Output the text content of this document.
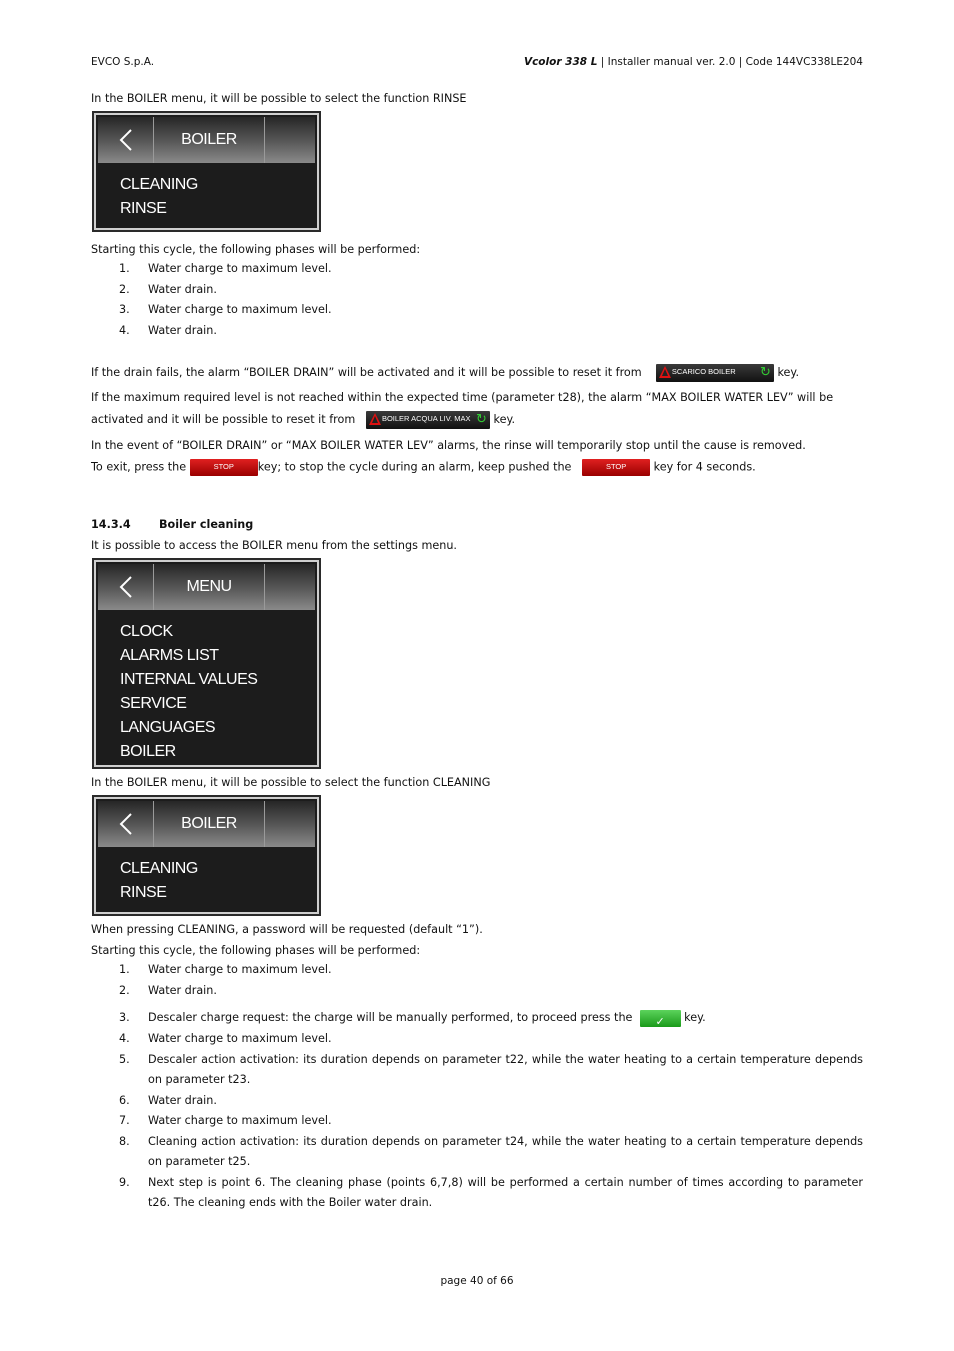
EVCO S.p.A.	Vcolor 338 L | Installer manual ver. 2.0 | Code 144VC338LE204
In the BOILER menu, it will be possible to select the function RINSE
BOILER
CLEANING
RINSE
Starting this cycle, the following phases will be performed:
1. Water charge to maximum level.
2. Water drain.
3. Water charge to maximum level.
4. Water drain.
If the drain fails, the alarm “BOILER DRAIN” will be activated and it will be possible to reset it from	SCARICO BOILER ↻ key.
If the maximum required level is not reached within the expected time (parameter t28), the alarm “MAX BOILER WATER LEV” will be
activated and it will be possible to reset it from	BOILER ACQUA LIV. MAX ↻ key.
In the event of “BOILER DRAIN” or “MAX BOILER WATER LEV” alarms, the rinse will temporarily stop until the cause is removed.
To exit, press the	STOP	key; to stop the cycle during an alarm, keep pushed the	STOP	key for 4 seconds.
14.3.4	Boiler cleaning
It is possible to access the BOILER menu from the settings menu.
MENU
CLOCK
ALARMS LIST
INTERNAL VALUES
SERVICE
LANGUAGES
BOILER
In the BOILER menu, it will be possible to select the function CLEANING
BOILER
CLEANING
RINSE
When pressing CLEANING, a password will be requested (default “1”).
Starting this cycle, the following phases will be performed:
1. Water charge to maximum level.
2. Water drain.
3. Descaler charge request: the charge will be manually performed, to proceed press the	✓	key.
4. Water charge to maximum level.
5. Descaler action activation: its duration depends on parameter t22, while the water heating to a certain temperature depends on parameter t23.
6. Water drain.
7. Water charge to maximum level.
8. Cleaning action activation: its duration depends on parameter t24, while the water heating to a certain temperature depends on parameter t25.
9. Next step is point 6. The cleaning phase (points 6,7,8) will be performed a certain number of times according to parameter t26. The cleaning ends with the Boiler water drain.
page 40 of 66
